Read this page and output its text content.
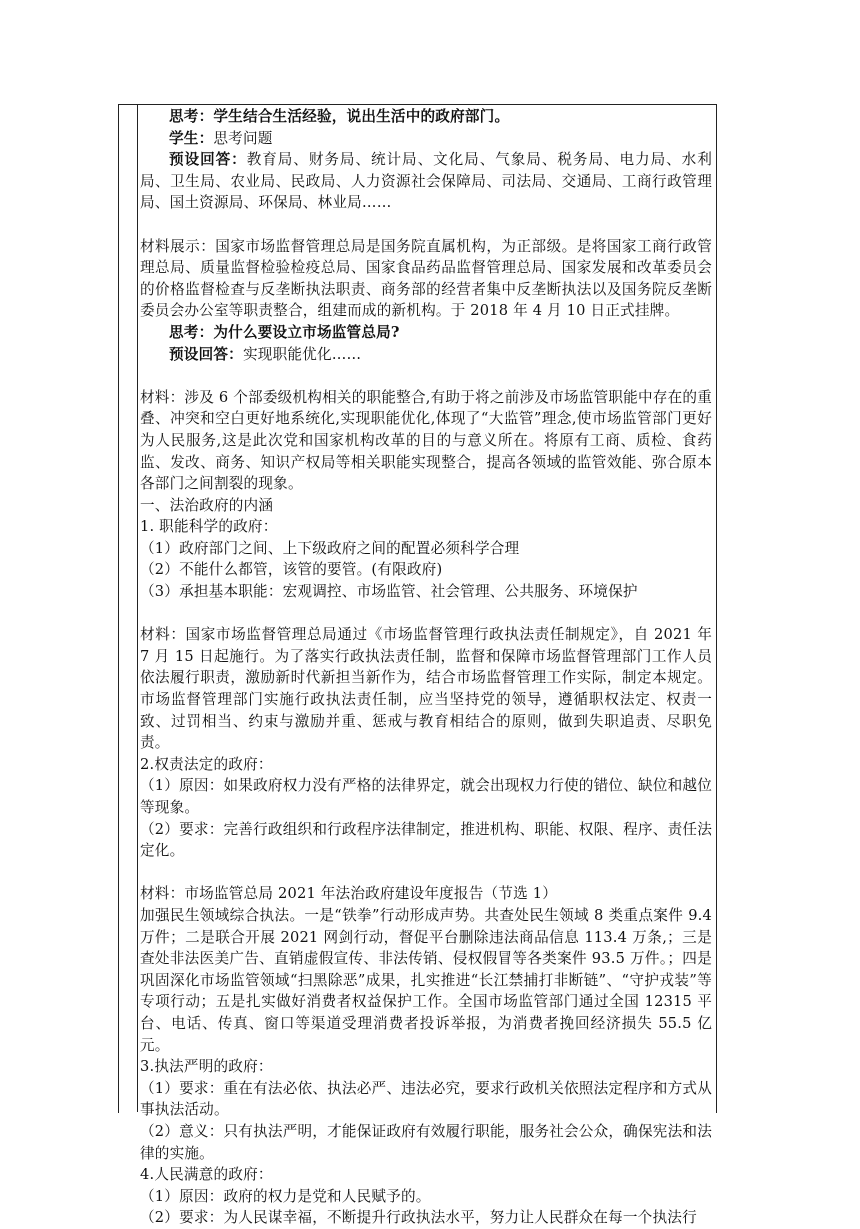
思考：学生结合生活经验，说出生活中的政府部门。

学生：思考问题

预设回答：教育局、财务局、统计局、文化局、气象局、税务局、电力局、水利局、卫生局、农业局、民政局、人力资源社会保障局、司法局、交通局、工商行政管理局、国土资源局、环保局、林业局……

材料展示：国家市场监督管理总局是国务院直属机构，为正部级。是将国家工商行政管理总局、质量监督检验检疫总局、国家食品药品监督管理总局、国家发展和改革委员会的价格监督检查与反垄断执法职责、商务部的经营者集中反垄断执法以及国务院反垄断委员会办公室等职责整合，组建而成的新机构。于 2018 年 4 月 10 日正式挂牌。

思考：为什么要设立市场监管总局?

预设回答：实现职能优化……

材料：涉及 6 个部委级机构相关的职能整合,有助于将之前涉及市场监管职能中存在的重叠、冲突和空白更好地系统化,实现职能优化,体现了“大监管”理念,使市场监管部门更好为人民服务,这是此次党和国家机构改革的目的与意义所在。将原有工商、质检、食药监、发改、商务、知识产权局等相关职能实现整合，提高各领域的监管效能、弥合原本各部门之间割裂的现象。

一、法治政府的内涵

1. 职能科学的政府：

（1）政府部门之间、上下级政府之间的配置必须科学合理

（2）不能什么都管，该管的要管。(有限政府)

（3）承担基本职能：宏观调控、市场监管、社会管理、公共服务、环境保护

材料：国家市场监督管理总局通过《市场监督管理行政执法责任制规定》，自 2021 年 7 月 15 日起施行。为了落实行政执法责任制，监督和保障市场监督管理部门工作人员依法履行职责，激励新时代新担当新作为，结合市场监督管理工作实际，制定本规定。 市场监督管理部门实施行政执法责任制，应当坚持党的领导，遵循职权法定、权责一致、过罚相当、约束与激励并重、惩戒与教育相结合的原则，做到失职追责、尽职免责。

2.权责法定的政府：

（1）原因：如果政府权力没有严格的法律界定，就会出现权力行使的错位、缺位和越位等现象。

（2）要求：完善行政组织和行政程序法律制定，推进机构、职能、权限、程序、责任法定化。

材料：市场监管总局 2021 年法治政府建设年度报告（节选 1）

加强民生领域综合执法。一是“铁拳”行动形成声势。共查处民生领域 8 类重点案件 9.4 万件；二是联合开展 2021 网剑行动，督促平台删除违法商品信息 113.4 万条,；三是查处非法医美广告、直销虚假宣传、非法传销、侵权假冒等各类案件 93.5 万件。；四是巩固深化市场监管领域“扫黑除恶”成果，扎实推进“长江禁捕打非断链”、“守护戎装”等专项行动；五是扎实做好消费者权益保护工作。全国市场监管部门通过全国 12315 平台、电话、传真、窗口等渠道受理消费者投诉举报，为消费者挽回经济损失 55.5 亿元。

3.执法严明的政府：

（1）要求：重在有法必依、执法必严、违法必究，要求行政机关依照法定程序和方式从事执法活动。

（2）意义：只有执法严明，才能保证政府有效履行职能，服务社会公众，确保宪法和法律的实施。

4.人民满意的政府：

（1）原因：政府的权力是党和人民赋予的。

（2）要求：为人民谋幸福，不断提升行政执法水平，努力让人民群众在每一个执法行
